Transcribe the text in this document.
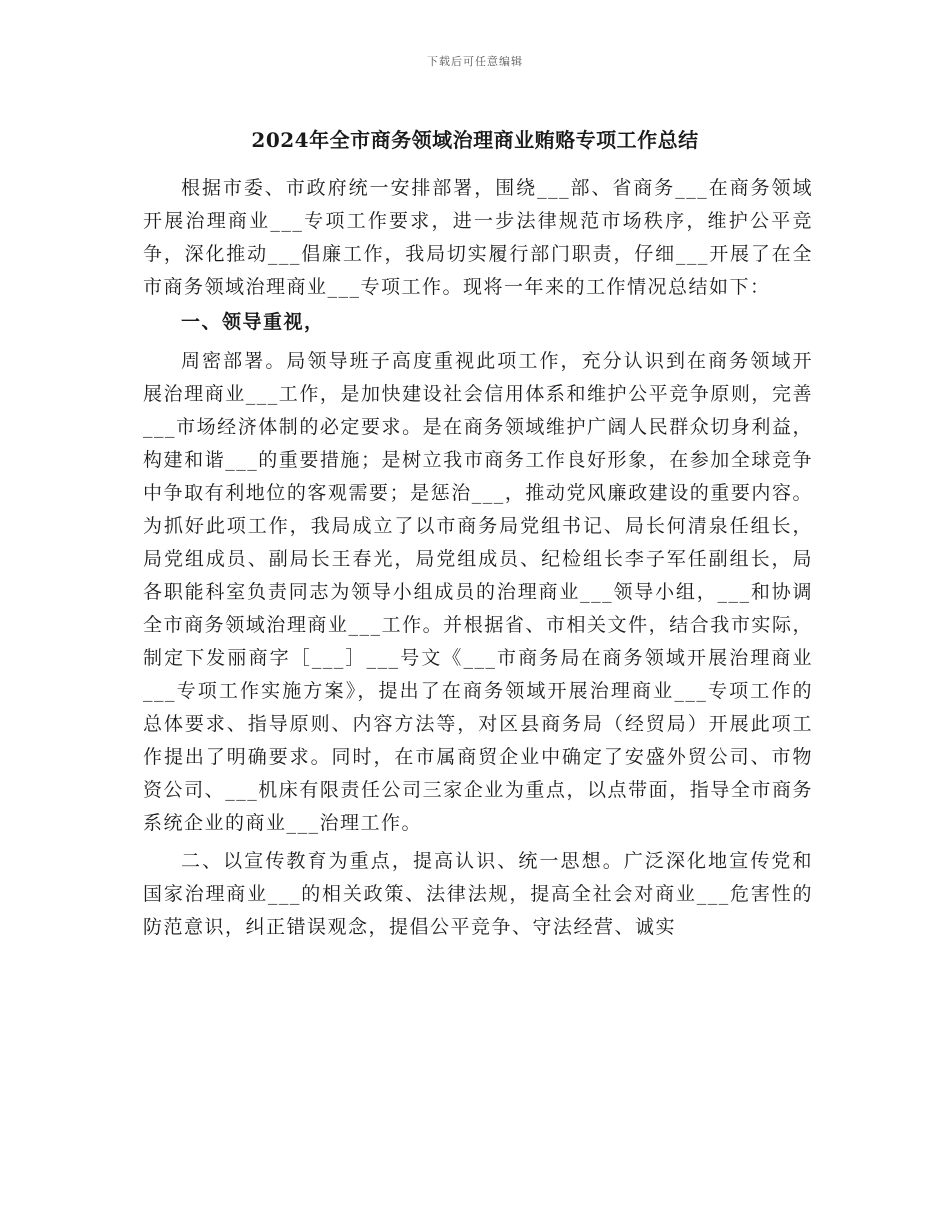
下载后可任意编辑
2024年全市商务领域治理商业贿赂专项工作总结

根据市委、市政府统一安排部署，围绕___部、省商务___在商务领域开展治理商业___专项工作要求，进一步法律规范市场秩序，维护公平竞争，深化推动___倡廉工作，我局切实履行部门职责，仔细___开展了在全市商务领域治理商业___专项工作。现将一年来的工作情况总结如下：

一、领导重视，

周密部署。局领导班子高度重视此项工作，充分认识到在商务领域开展治理商业___工作，是加快建设社会信用体系和维护公平竞争原则，完善___市场经济体制的必定要求。是在商务领域维护广阔人民群众切身利益，构建和谐___的重要措施；是树立我市商务工作良好形象，在参加全球竞争中争取有利地位的客观需要；是惩治___，推动党风廉政建设的重要内容。为抓好此项工作，我局成立了以市商务局党组书记、局长何清泉任组长，局党组成员、副局长王春光，局党组成员、纪检组长李子军任副组长，局各职能科室负责同志为领导小组成员的治理商业___领导小组，___和协调全市商务领域治理商业___工作。并根据省、市相关文件，结合我市实际，制定下发丽商字［___］___号文《___市商务局在商务领域开展治理商业___专项工作实施方案》，提出了在商务领域开展治理商业___专项工作的总体要求、指导原则、内容方法等，对区县商务局（经贸局）开展此项工作提出了明确要求。同时，在市属商贸企业中确定了安盛外贸公司、市物资公司、___机床有限责任公司三家企业为重点，以点带面，指导全市商务系统企业的商业___治理工作。

二、以宣传教育为重点，提高认识、统一思想。广泛深化地宣传党和国家治理商业___的相关政策、法律法规，提高全社会对商业___危害性的防范意识，纠正错误观念，提倡公平竞争、守法经营、诚实
